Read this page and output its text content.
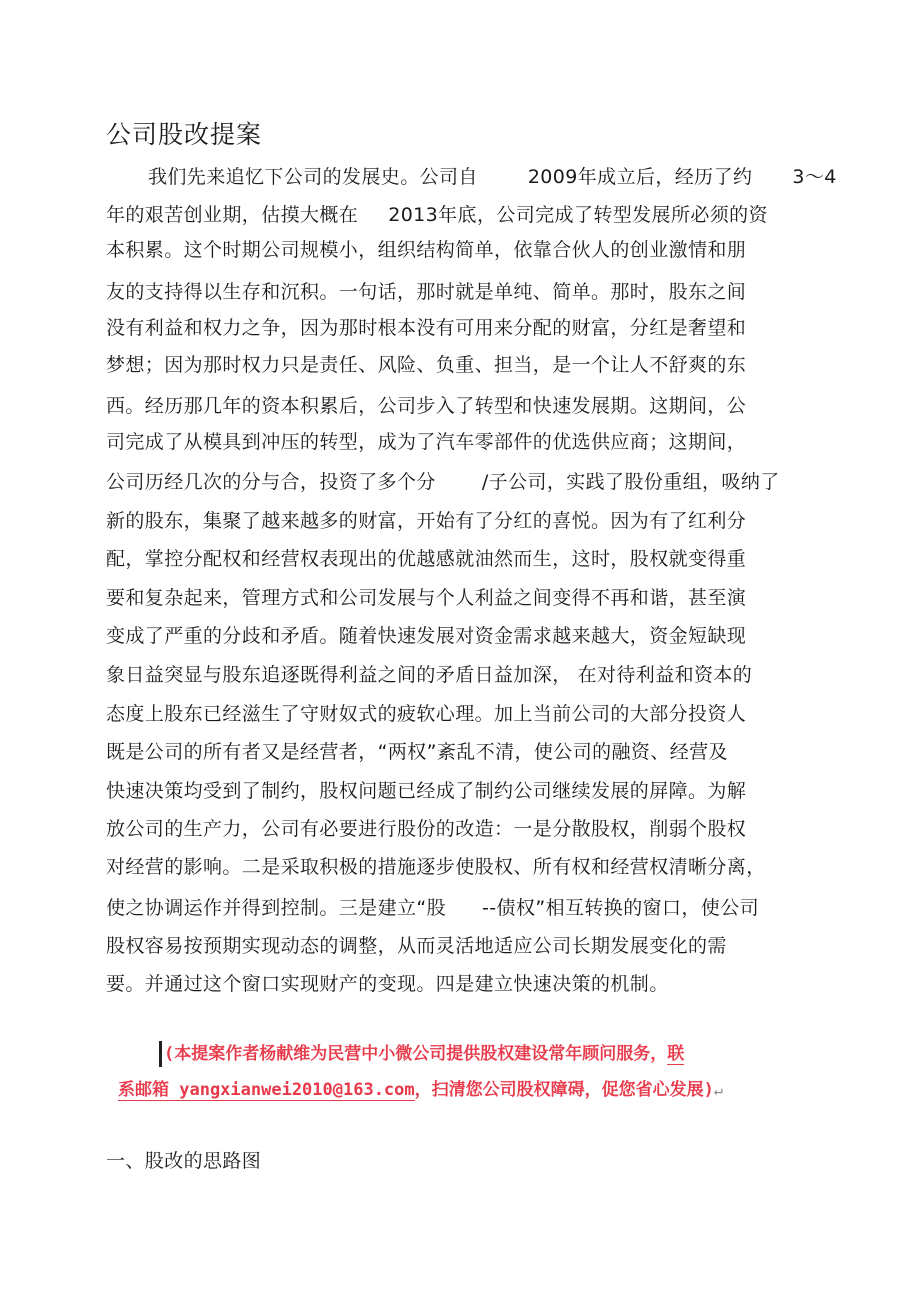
公司股改提案
我们先来追忆下公司的发展史。公司自	2009年成立后，经历了约 3～4
年的艰苦创业期，估摸大概在 2013年底，公司完成了转型发展所必须的资
本积累。这个时期公司规模小，组织结构简单，依靠合伙人的创业激情和朋
友的支持得以生存和沉积。一句话，那时就是单纯、简单。那时，股东之间
没有利益和权力之争，因为那时根本没有可用来分配的财富，分红是奢望和
梦想；因为那时权力只是责任、风险、负重、担当，是一个让人不舒爽的东
西。经历那几年的资本积累后，公司步入了转型和快速发展期。这期间，公
司完成了从模具到冲压的转型，成为了汽车零部件的优选供应商；这期间，
公司历经几次的分与合，投资了多个分 /子公司，实践了股份重组，吸纳了
新的股东，集聚了越来越多的财富，开始有了分红的喜悦。因为有了红利分
配，掌控分配权和经营权表现出的优越感就油然而生，这时，股权就变得重
要和复杂起来，管理方式和公司发展与个人利益之间变得不再和谐，甚至演
变成了严重的分歧和矛盾。随着快速发展对资金需求越来越大，资金短缺现
象日益突显与股东追逐既得利益之间的矛盾日益加深， 在对待利益和资本的
态度上股东已经滋生了守财奴式的疲软心理。加上当前公司的大部分投资人
既是公司的所有者又是经营者，“两权”紊乱不清，使公司的融资、经营及
快速决策均受到了制约，股权问题已经成了制约公司继续发展的屏障。为解
放公司的生产力，公司有必要进行股份的改造：一是分散股权，削弱个股权
对经营的影响。二是采取积极的措施逐步使股权、所有权和经营权清晰分离，
使之协调运作并得到控制。三是建立“股 --债权”相互转换的窗口，使公司
股权容易按预期实现动态的调整，从而灵活地适应公司长期发展变化的需
要。并通过这个窗口实现财产的变现。四是建立快速决策的机制。
(本提案作者杨献维为民营中小微公司提供股权建设常年顾问服务，联
系邮箱 yangxianwei2010@163.com，扫清您公司股权障碍，促您省心发展)↵
一、股改的思路图
